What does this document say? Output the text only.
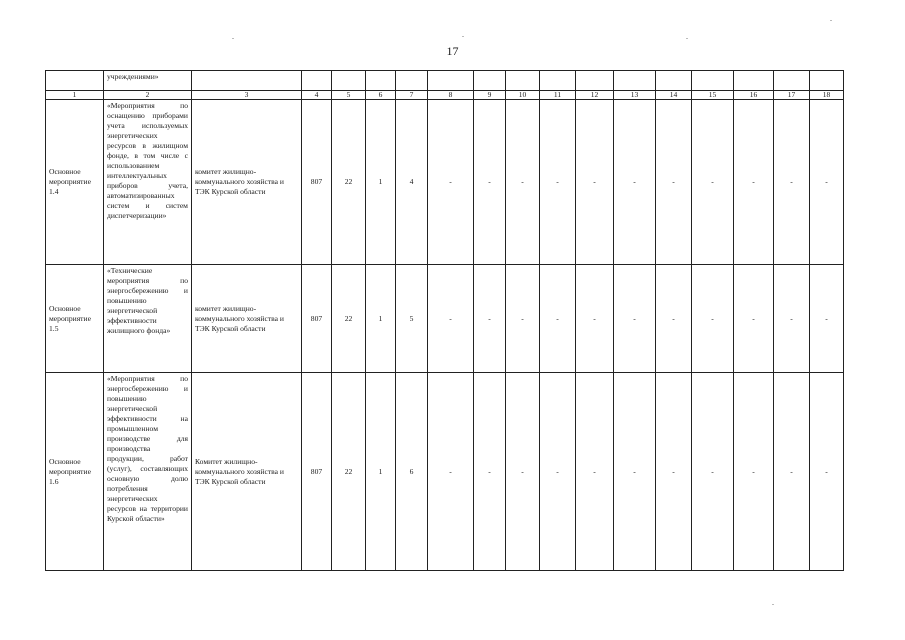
17
	учреждениями»																
1	2	3	4	5	6	7	8	9	10	11	12	13	14	15	16	17	18
Основное мероприятие 1.4	«Мероприятия по оснащению приборами учета используемых энергетических ресурсов в жилищном фонде, в том числе с использованием интеллектуальных приборов учета, автоматизированных систем и систем диспетчеризации»	комитет жилищно-коммунального хозяйства и ТЭК Курской области	807	22	1	4	-	-	-	-	-	-	-	-	-	-	-
Основное мероприятие 1.5	«Технические мероприятия по энергосбережению и повышению энергетической эффективности жилищного фонда»	комитет жилищно-коммунального хозяйства и ТЭК Курской области	807	22	1	5	-	-	-	-	-	-	-	-	-	-	-
Основное мероприятие 1.6	«Мероприятия по энергосбережению и повышению энергетической эффективности на промышленном производстве для производства продукции, работ (услуг), составляющих основную долю потребления энергетических ресурсов на территории Курской области»	Комитет жилищно-коммунального хозяйства и ТЭК Курской области	807	22	1	6	-	-	-	-	-	-	-	-	-	-	-
